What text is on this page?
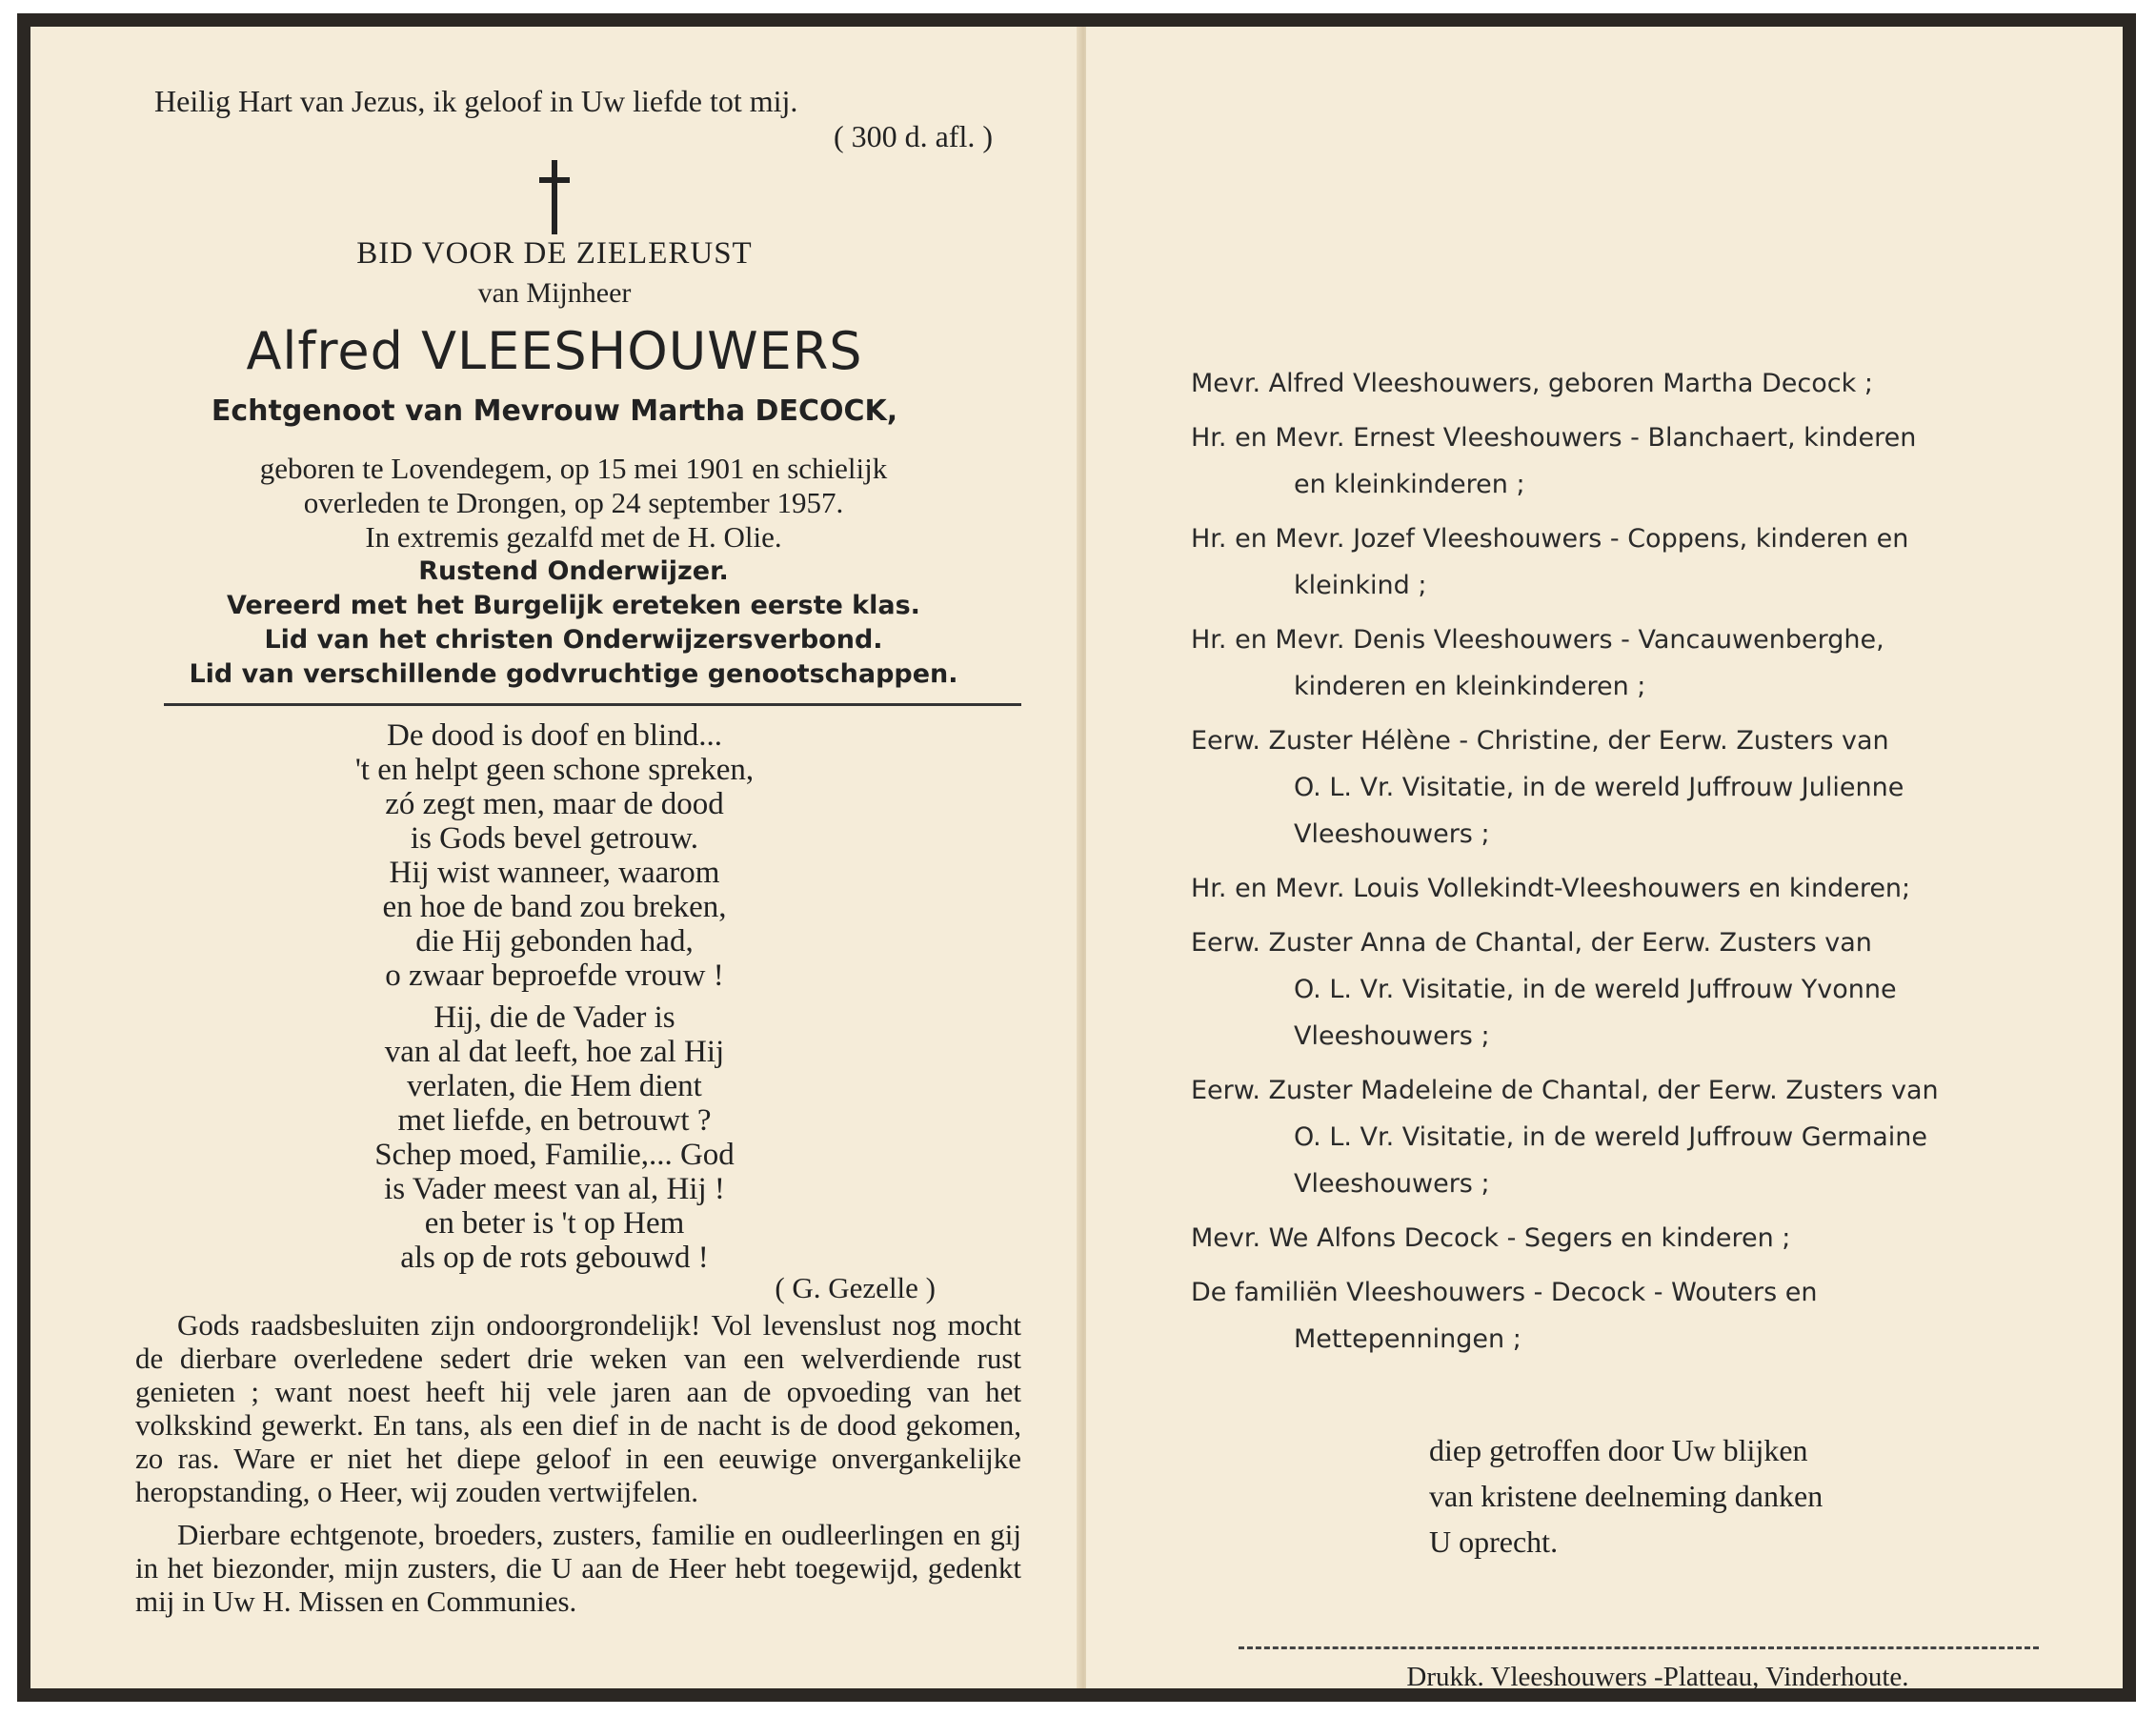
Heilig Hart van Jezus, ik geloof in Uw liefde tot mij.
( 300 d. afl. )
BID VOOR DE ZIELERUST
van Mijnheer
Alfred VLEESHOUWERS
Echtgenoot van Mevrouw Martha DECOCK,
geboren te Lovendegem, op 15 mei 1901 en schielijk
overleden te Drongen, op 24 september 1957.
In extremis gezalfd met de H. Olie.
Rustend Onderwijzer.
Vereerd met het Burgelijk ereteken eerste klas.
Lid van het christen Onderwijzersverbond.
Lid van verschillende godvruchtige genootschappen.
De dood is doof en blind...
't en helpt geen schone spreken,
zó zegt men, maar de dood
is Gods bevel getrouw.
Hij wist wanneer, waarom
en hoe de band zou breken,
die Hij gebonden had,
o zwaar beproefde vrouw !
Hij, die de Vader is
van al dat leeft, hoe zal Hij
verlaten, die Hem dient
met liefde, en betrouwt ?
Schep moed, Familie,... God
is Vader meest van al, Hij !
en beter is 't op Hem
als op de rots gebouwd !
( G. Gezelle )

Gods raadsbesluiten zijn ondoorgrondelijk! Vol levenslust nog mocht de dierbare overledene sedert drie weken van een welverdiende rust genieten ; want noest heeft hij vele jaren aan de opvoeding van het volkskind gewerkt. En tans, als een dief in de nacht is de dood gekomen, zo ras. Ware er niet het diepe geloof in een eeuwige onvergankelijke heropstanding, o Heer, wij zouden vertwijfelen.

Dierbare echtgenote, broeders, zusters, familie en oudleerlingen en gij in het biezonder, mijn zusters, die U aan de Heer hebt toegewijd, gedenkt mij in Uw H. Missen en Communies.

Mevr. Alfred Vleeshouwers, geboren Martha Decock ;
Hr. en Mevr. Ernest Vleeshouwers - Blanchaert, kinderen
en kleinkinderen ;
Hr. en Mevr. Jozef Vleeshouwers - Coppens, kinderen en
kleinkind ;
Hr. en Mevr. Denis Vleeshouwers - Vancauwenberghe,
kinderen en kleinkinderen ;
Eerw. Zuster Hélène - Christine, der Eerw. Zusters van
O. L. Vr. Visitatie, in de wereld Juffrouw Julienne
Vleeshouwers ;
Hr. en Mevr. Louis Vollekindt-Vleeshouwers en kinderen;
Eerw. Zuster Anna de Chantal, der Eerw. Zusters van
O. L. Vr. Visitatie, in de wereld Juffrouw Yvonne
Vleeshouwers ;
Eerw. Zuster Madeleine de Chantal, der Eerw. Zusters van
O. L. Vr. Visitatie, in de wereld Juffrouw Germaine
Vleeshouwers ;
Mevr. We Alfons Decock - Segers en kinderen ;
De familiën Vleeshouwers - Decock - Wouters en
Mettepenningen ;
diep getroffen door Uw blijken
van kristene deelneming danken
U oprecht.
Drukk. Vleeshouwers -Platteau, Vinderhoute.
